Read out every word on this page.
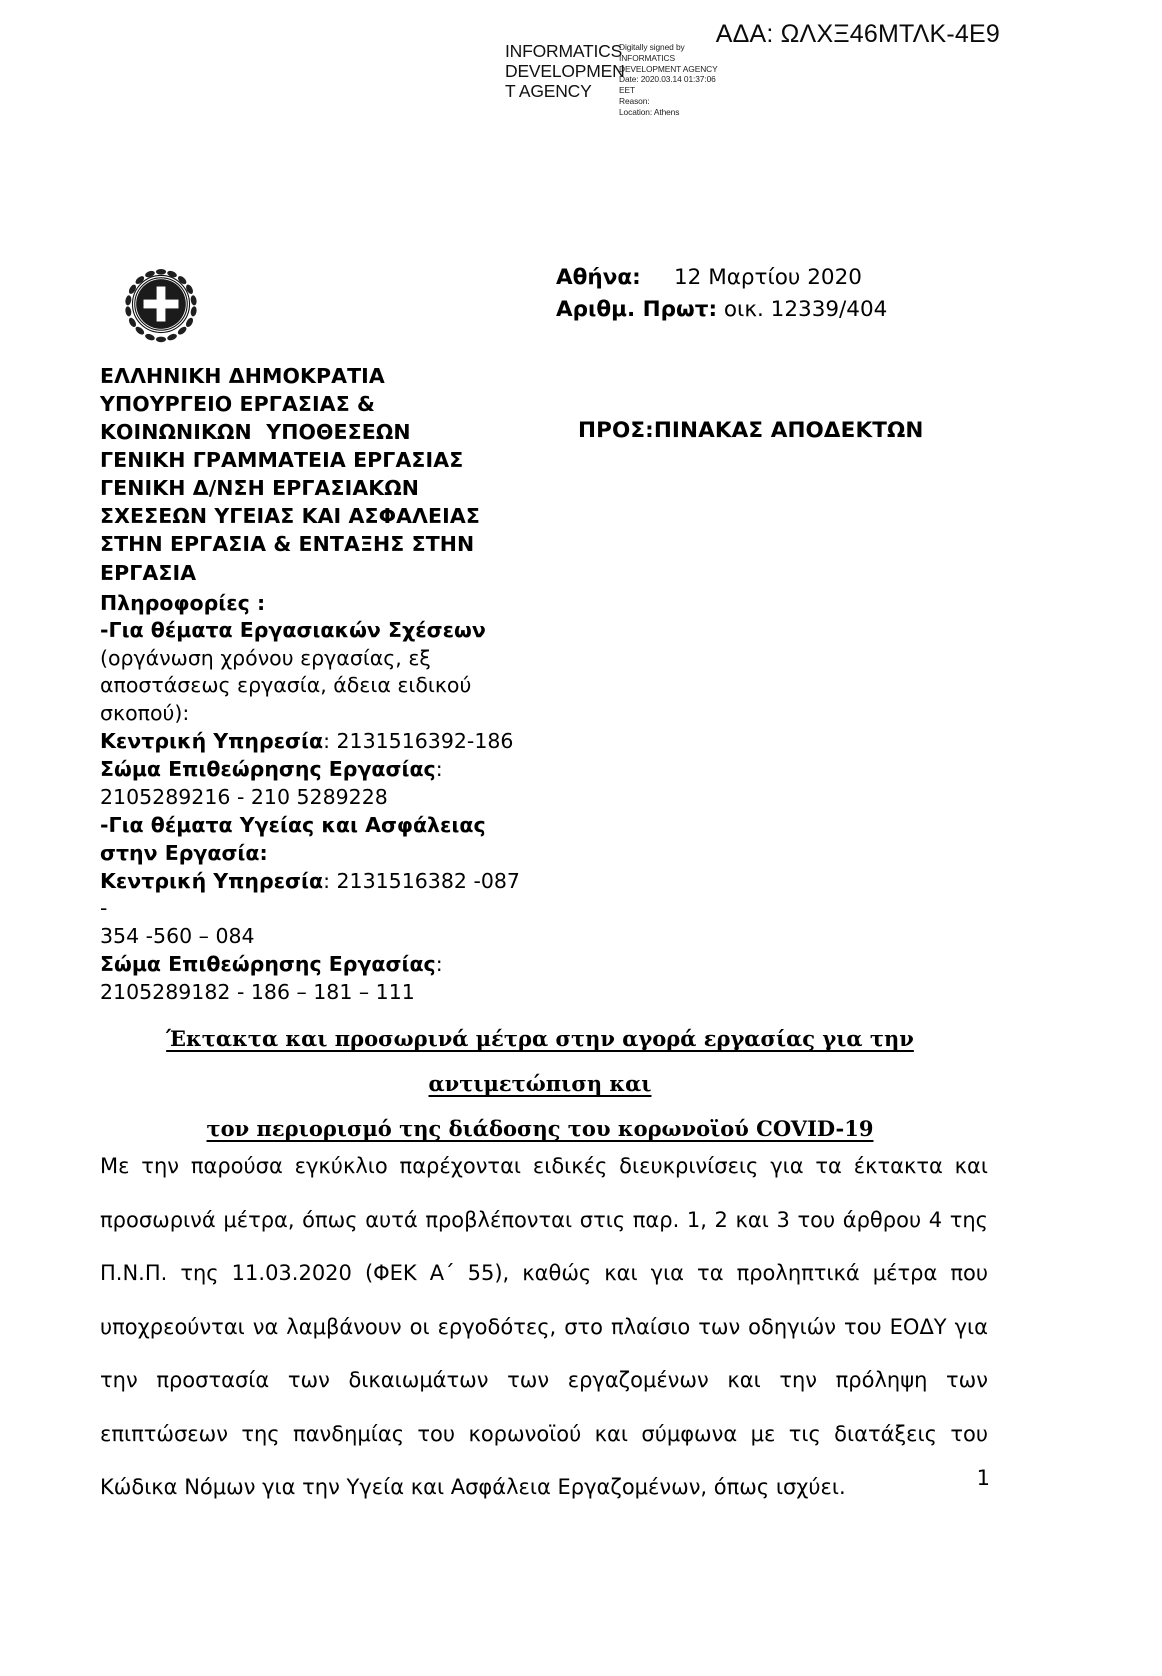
ΑΔΑ: ΩΛΧΞ46ΜΤΛΚ-4Ε9
INFORMATICS DEVELOPMEN T AGENCY
Digitally signed by
INFORMATICS
DEVELOPMENT AGENCY
Date: 2020.03.14 01:37:06
EET
Reason:
Location: Athens
Αθήνα: 12 Μαρτίου 2020
Αριθμ. Πρωτ: οικ. 12339/404
ΠΡΟΣ:ΠΙΝΑΚΑΣ ΑΠΟΔΕΚΤΩΝ
ΕΛΛΗΝΙΚΗ ΔΗΜΟΚΡΑΤΙΑ
ΥΠΟΥΡΓΕΙΟ ΕΡΓΑΣΙΑΣ &
ΚΟΙΝΩΝΙΚΩΝ  ΥΠΟΘΕΣΕΩΝ
ΓΕΝΙΚΗ ΓΡΑΜΜΑΤΕΙΑ ΕΡΓΑΣΙΑΣ
ΓΕΝΙΚΗ Δ/ΝΣΗ ΕΡΓΑΣΙΑΚΩΝ
ΣΧΕΣΕΩΝ ΥΓΕΙΑΣ ΚΑΙ ΑΣΦΑΛΕΙΑΣ
ΣΤΗΝ ΕΡΓΑΣΙΑ & ΕΝΤΑΞΗΣ ΣΤΗΝ
ΕΡΓΑΣΙΑ
Πληροφορίες :
-Για θέματα Εργασιακών Σχέσεων
(οργάνωση χρόνου εργασίας, εξ
αποστάσεως εργασία, άδεια ειδικού
σκοπού):
Κεντρική Υπηρεσία: 2131516392-186
Σώμα Επιθεώρησης Εργασίας:
2105289216 - 210 5289228
-Για θέματα Υγείας και Ασφάλειας
στην Εργασία:
Κεντρική Υπηρεσία: 2131516382 -087 -
354 -560 – 084
Σώμα Επιθεώρησης Εργασίας:
2105289182 - 186 – 181 – 111
Έκτακτα και προσωρινά μέτρα στην αγορά εργασίας για την αντιμετώπιση και
τον περιορισμό της διάδοσης του κορωνοϊού COVID-19
Με την παρούσα εγκύκλιο παρέχονται ειδικές διευκρινίσεις για τα έκτακτα και προσωρινά μέτρα, όπως αυτά προβλέπονται στις παρ. 1, 2 και 3 του άρθρου 4 της Π.Ν.Π. της 11.03.2020 (ΦΕΚ Α΄ 55), καθώς και για τα προληπτικά μέτρα που υποχρεούνται να λαμβάνουν οι εργοδότες, στο πλαίσιο των οδηγιών του ΕΟΔΥ για την προστασία των δικαιωμάτων των εργαζομένων και την πρόληψη των επιπτώσεων της πανδημίας του κορωνοϊού και σύμφωνα με τις διατάξεις του Κώδικα Νόμων για την Υγεία και Ασφάλεια Εργαζομένων, όπως ισχύει.	1
